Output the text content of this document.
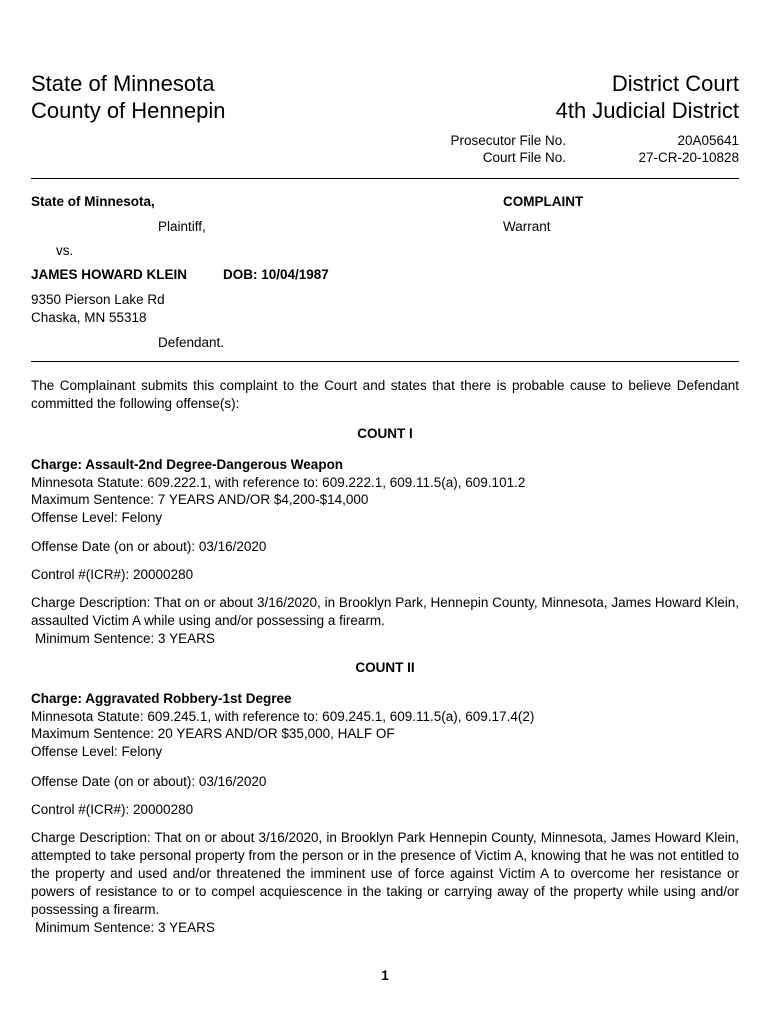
State of Minnesota
County of Hennepin
District Court
4th Judicial District
Prosecutor File No.	20A05641
Court File No.	27-CR-20-10828
State of Minnesota,
Plaintiff,
vs.
JAMES HOWARD KLEIN	DOB: 10/04/1987
9350 Pierson Lake Rd
Chaska, MN 55318
Defendant.
COMPLAINT
Warrant
The Complainant submits this complaint to the Court and states that there is probable cause to believe Defendant committed the following offense(s):
COUNT I
Charge: Assault-2nd Degree-Dangerous Weapon
Minnesota Statute: 609.222.1, with reference to: 609.222.1, 609.11.5(a), 609.101.2
Maximum Sentence: 7 YEARS AND/OR $4,200-$14,000
Offense Level: Felony
Offense Date (on or about): 03/16/2020
Control #(ICR#): 20000280
Charge Description: That on or about 3/16/2020, in Brooklyn Park, Hennepin County, Minnesota, James Howard Klein, assaulted Victim A while using and/or possessing a firearm.
Minimum Sentence: 3 YEARS
COUNT II
Charge: Aggravated Robbery-1st Degree
Minnesota Statute: 609.245.1, with reference to: 609.245.1, 609.11.5(a), 609.17.4(2)
Maximum Sentence: 20 YEARS AND/OR $35,000, HALF OF
Offense Level: Felony
Offense Date (on or about): 03/16/2020
Control #(ICR#): 20000280
Charge Description: That on or about 3/16/2020, in Brooklyn Park Hennepin County, Minnesota, James Howard Klein, attempted to take personal property from the person or in the presence of Victim A, knowing that he was not entitled to the property and used and/or threatened the imminent use of force against Victim A to overcome her resistance or powers of resistance to or to compel acquiescence in the taking or carrying away of the property while using and/or possessing a firearm.
Minimum Sentence: 3 YEARS
1
